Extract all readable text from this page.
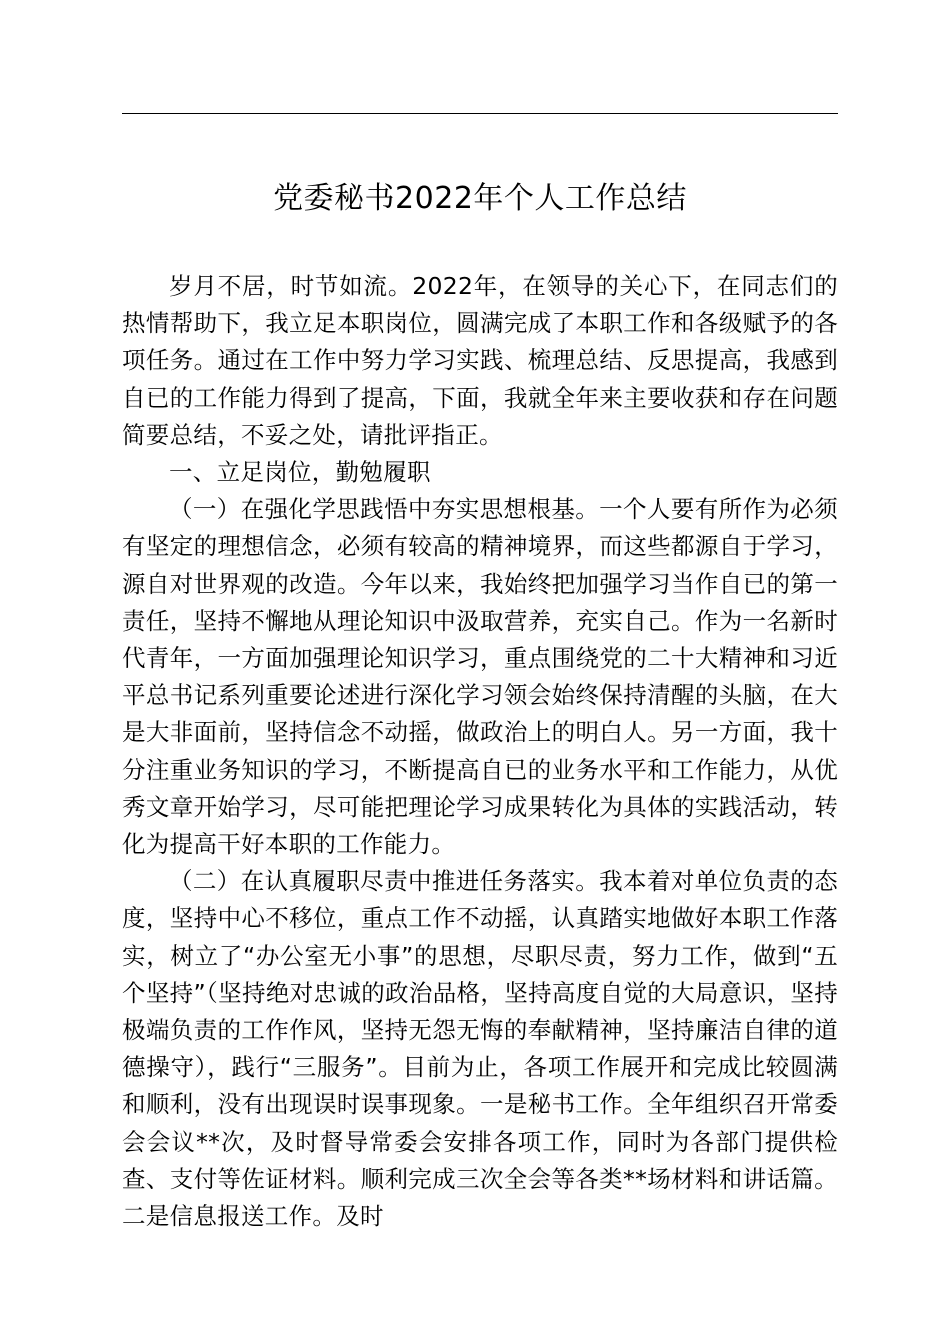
党委秘书2022年个人工作总结

岁月不居，时节如流。2022年，在领导的关心下，在同志们的热情帮助下，我立足本职岗位，圆满完成了本职工作和各级赋予的各项任务。通过在工作中努力学习实践、梳理总结、反思提高，我感到自已的工作能力得到了提高，下面，我就全年来主要收获和存在问题简要总结，不妥之处，请批评指正。

一、立足岗位，勤勉履职

（一）在强化学思践悟中夯实思想根基。一个人要有所作为必须有坚定的理想信念，必须有较高的精神境界，而这些都源自于学习，源自对世界观的改造。今年以来，我始终把加强学习当作自已的第一责任，坚持不懈地从理论知识中汲取营养，充实自己。作为一名新时代青年，一方面加强理论知识学习，重点围绕党的二十大精神和习近平总书记系列重要论述进行深化学习领会始终保持清醒的头脑，在大是大非面前，坚持信念不动摇，做政治上的明白人。另一方面，我十分注重业务知识的学习，不断提高自已的业务水平和工作能力，从优秀文章开始学习，尽可能把理论学习成果转化为具体的实践活动，转化为提高干好本职的工作能力。

（二）在认真履职尽责中推进任务落实。我本着对单位负责的态度，坚持中心不移位，重点工作不动摇，认真踏实地做好本职工作落实，树立了“办公室无小事”的思想，尽职尽责，努力工作，做到“五个坚持”（坚持绝对忠诚的政治品格，坚持高度自觉的大局意识，坚持极端负责的工作作风，坚持无怨无悔的奉献精神，坚持廉洁自律的道德操守），践行“三服务”。目前为止，各项工作展开和完成比较圆满和顺利，没有出现误时误事现象。一是秘书工作。全年组织召开常委会会议**次，及时督导常委会安排各项工作，同时为各部门提供检查、支付等佐证材料。顺利完成三次全会等各类**场材料和讲话篇。二是信息报送工作。及时
